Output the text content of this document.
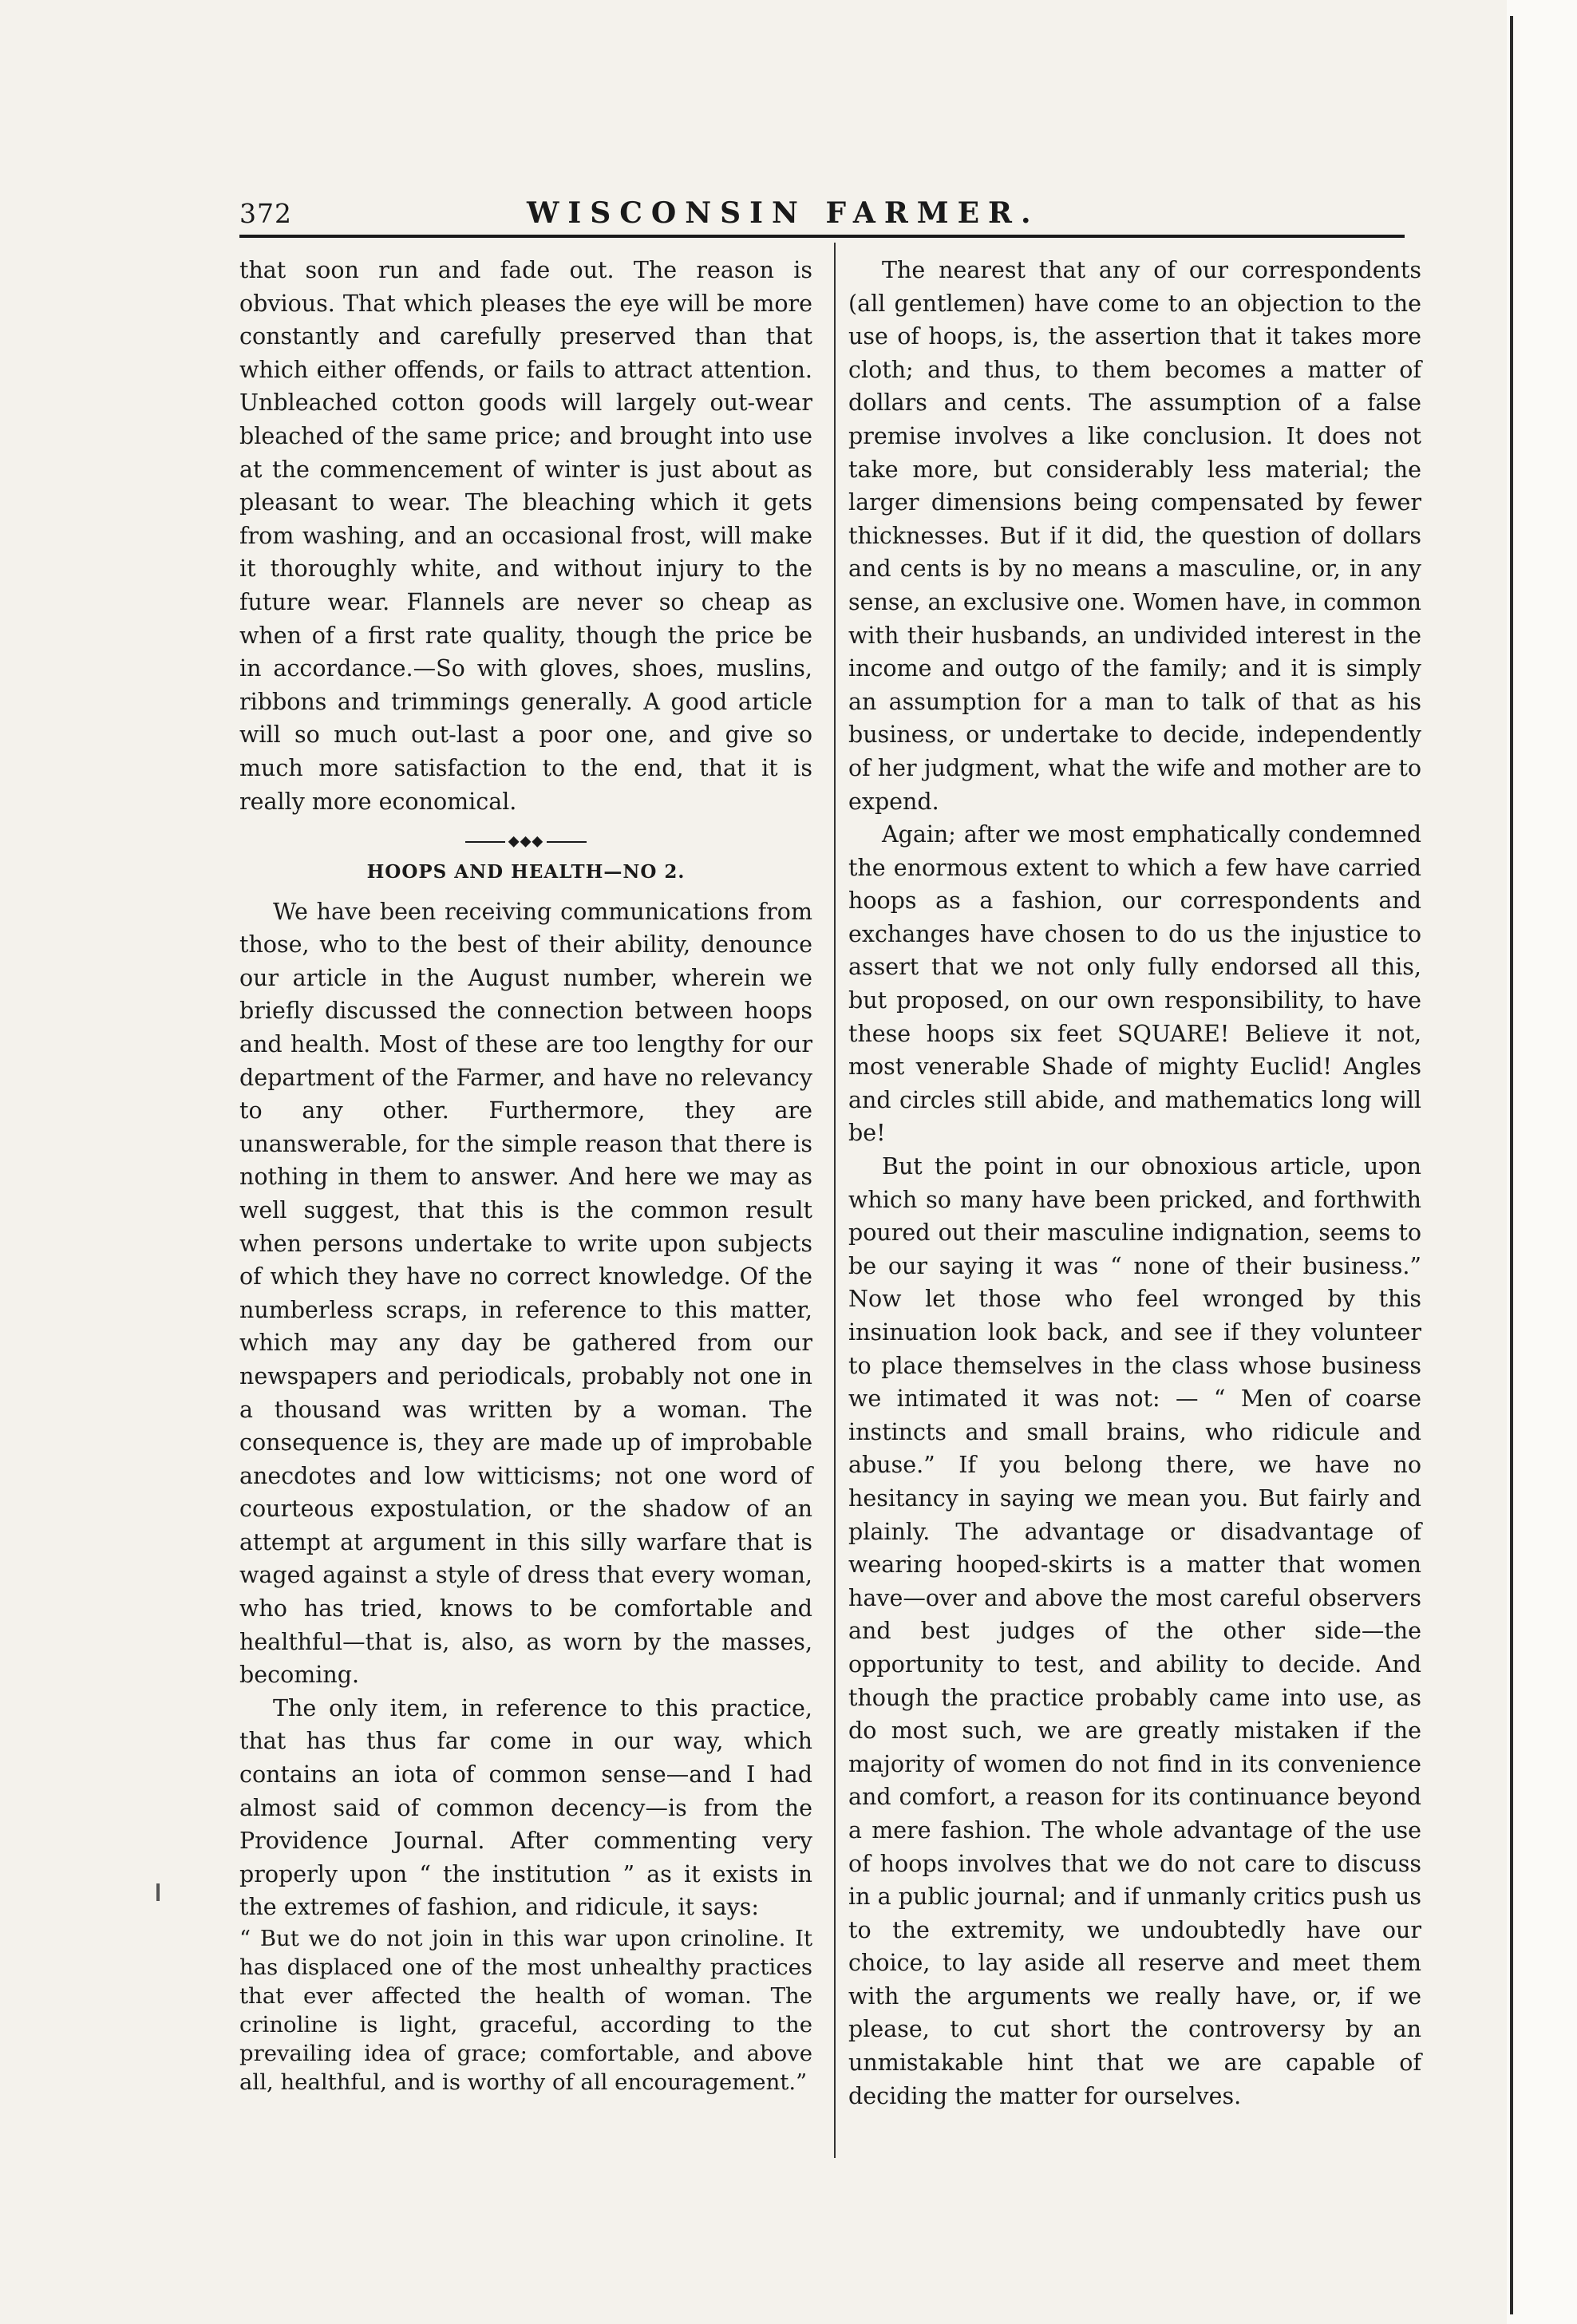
372	WISCONSIN FARMER.

that soon run and fade out. The reason is obvious. That which pleases the eye will be more constantly and carefully preserved than that which either offends, or fails to attract attention. Unbleached cotton goods will largely out-wear bleached of the same price; and brought into use at the commencement of winter is just about as pleasant to wear. The bleaching which it gets from washing, and an occasional frost, will make it thoroughly white, and without injury to the future wear. Flannels are never so cheap as when of a first rate quality, though the price be in accordance.—So with gloves, shoes, muslins, ribbons and trimmings generally. A good article will so much out-last a poor one, and give so much more satisfaction to the end, that it is really more economical.

◆◆◆
HOOPS AND HEALTH—NO 2.

We have been receiving communications from those, who to the best of their ability, denounce our article in the August number, wherein we briefly discussed the connection between hoops and health. Most of these are too lengthy for our department of the Farmer, and have no relevancy to any other. Furthermore, they are unanswerable, for the simple reason that there is nothing in them to answer. And here we may as well suggest, that this is the common result when persons undertake to write upon subjects of which they have no correct knowledge. Of the numberless scraps, in reference to this matter, which may any day be gathered from our newspapers and periodicals, probably not one in a thousand was written by a woman. The consequence is, they are made up of improbable anecdotes and low witticisms; not one word of courteous expostulation, or the shadow of an attempt at argument in this silly warfare that is waged against a style of dress that every woman, who has tried, knows to be comfortable and healthful—that is, also, as worn by the masses, becoming.

The only item, in reference to this practice, that has thus far come in our way, which contains an iota of common sense—and I had almost said of common decency—is from the Providence Journal. After commenting very properly upon “ the institution ” as it exists in the extremes of fashion, and ridicule, it says:

“ But we do not join in this war upon crinoline. It has displaced one of the most unhealthy practices that ever affected the health of woman. The crinoline is light, graceful, according to the prevailing idea of grace; comfortable, and above all, healthful, and is worthy of all encouragement.”

The nearest that any of our correspondents (all gentlemen) have come to an objection to the use of hoops, is, the assertion that it takes more cloth; and thus, to them becomes a matter of dollars and cents. The assumption of a false premise involves a like conclusion. It does not take more, but considerably less material; the larger dimensions being compensated by fewer thicknesses. But if it did, the question of dollars and cents is by no means a masculine, or, in any sense, an exclusive one. Women have, in common with their husbands, an undivided interest in the income and outgo of the family; and it is simply an assumption for a man to talk of that as his business, or undertake to decide, independently of her judgment, what the wife and mother are to expend.

Again; after we most emphatically condemned the enormous extent to which a few have carried hoops as a fashion, our correspondents and exchanges have chosen to do us the injustice to assert that we not only fully endorsed all this, but proposed, on our own responsibility, to have these hoops six feet SQUARE! Believe it not, most venerable Shade of mighty Euclid! Angles and circles still abide, and mathematics long will be!

But the point in our obnoxious article, upon which so many have been pricked, and forthwith poured out their masculine indignation, seems to be our saying it was “ none of their business.” Now let those who feel wronged by this insinuation look back, and see if they volunteer to place themselves in the class whose business we intimated it was not: — “ Men of coarse instincts and small brains, who ridicule and abuse.” If you belong there, we have no hesitancy in saying we mean you. But fairly and plainly. The advantage or disadvantage of wearing hooped-skirts is a matter that women have—over and above the most careful observers and best judges of the other side—the opportunity to test, and ability to decide. And though the practice probably came into use, as do most such, we are greatly mistaken if the majority of women do not find in its convenience and comfort, a reason for its continuance beyond a mere fashion. The whole advantage of the use of hoops involves that we do not care to discuss in a public journal; and if unmanly critics push us to the extremity, we undoubtedly have our choice, to lay aside all reserve and meet them with the arguments we really have, or, if we please, to cut short the controversy by an unmistakable hint that we are capable of deciding the matter for ourselves.
